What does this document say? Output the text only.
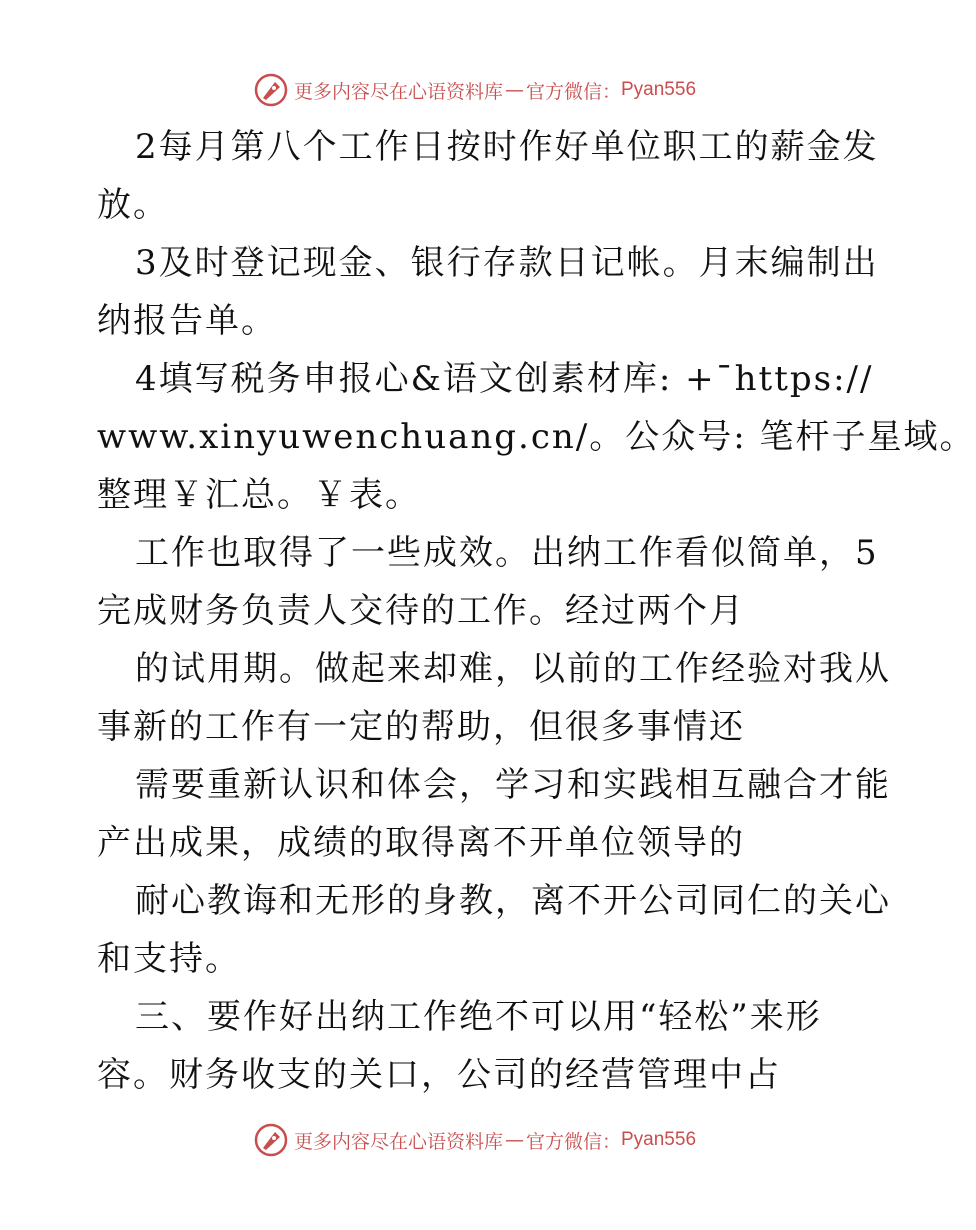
更多内容尽在心语资料库 — 官方微信： Pyan556
2每月第八个工作日按时作好单位职工的薪金发
放。
3及时登记现金、银行存款日记帐。月末编制出
纳报告单。
4填写税务申报心&语文创素材库: +¯https://
www.xinyuwenchuang.cn/。公众号: 笔杆子星域。
整理￥汇总。￥表。
工作也取得了一些成效。出纳工作看似简单，5
完成财务负责人交待的工作。经过两个月
的试用期。做起来却难，以前的工作经验对我从
事新的工作有一定的帮助，但很多事情还
需要重新认识和体会，学习和实践相互融合才能
产出成果，成绩的取得离不开单位领导的
耐心教诲和无形的身教，离不开公司同仁的关心
和支持。
三、要作好出纳工作绝不可以用“轻松”来形
容。财务收支的关口，公司的经营管理中占
更多内容尽在心语资料库 — 官方微信： Pyan556
